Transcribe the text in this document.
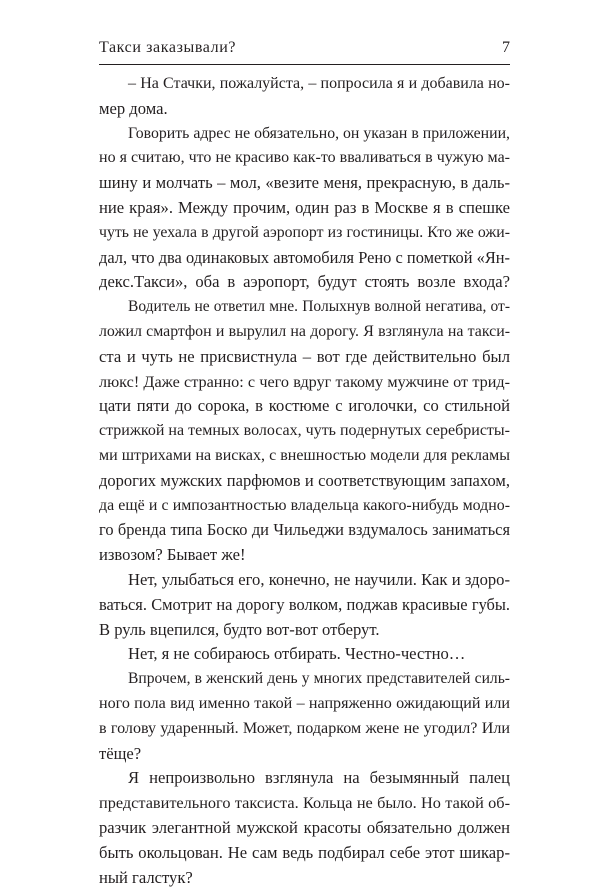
Такси заказывали?	7
– На Стачки, пожалуйста, – попросила я и добавила но-
мер дома.
Говорить адрес не обязательно, он указан в приложении,
но я считаю, что не красиво как-то вваливаться в чужую ма-
шину и молчать – мол, «везите меня, прекрасную, в даль-
ние края». Между прочим, один раз в Москве я в спешке
чуть не уехала в другой аэропорт из гостиницы. Кто же ожи-
дал, что два одинаковых автомобиля Рено с пометкой «Ян-
декс.Такси», оба в аэропорт, будут стоять возле входа?
Водитель не ответил мне. Полыхнув волной негатива, от-
ложил смартфон и вырулил на дорогу. Я взглянула на такси-
ста и чуть не присвистнула – вот где действительно был
люкс! Даже странно: с чего вдруг такому мужчине от трид-
цати пяти до сорока, в костюме с иголочки, со стильной
стрижкой на темных волосах, чуть подернутых серебристы-
ми штрихами на висках, с внешностью модели для рекламы
дорогих мужских парфюмов и соответствующим запахом,
да ещё и с импозантностью владельца какого-нибудь модно-
го бренда типа Боско ди Чильеджи вздумалось заниматься
извозом? Бывает же!
Нет, улыбаться его, конечно, не научили. Как и здоро-
ваться. Смотрит на дорогу волком, поджав красивые губы.
В руль вцепился, будто вот-вот отберут.
Нет, я не собираюсь отбирать. Честно-честно…
Впрочем, в женский день у многих представителей силь-
ного пола вид именно такой – напряженно ожидающий или
в голову ударенный. Может, подарком жене не угодил? Или
тёще?
Я непроизвольно взглянула на безымянный палец
представительного таксиста. Кольца не было. Но такой об-
разчик элегантной мужской красоты обязательно должен
быть окольцован. Не сам ведь подбирал себе этот шикар-
ный галстук?
